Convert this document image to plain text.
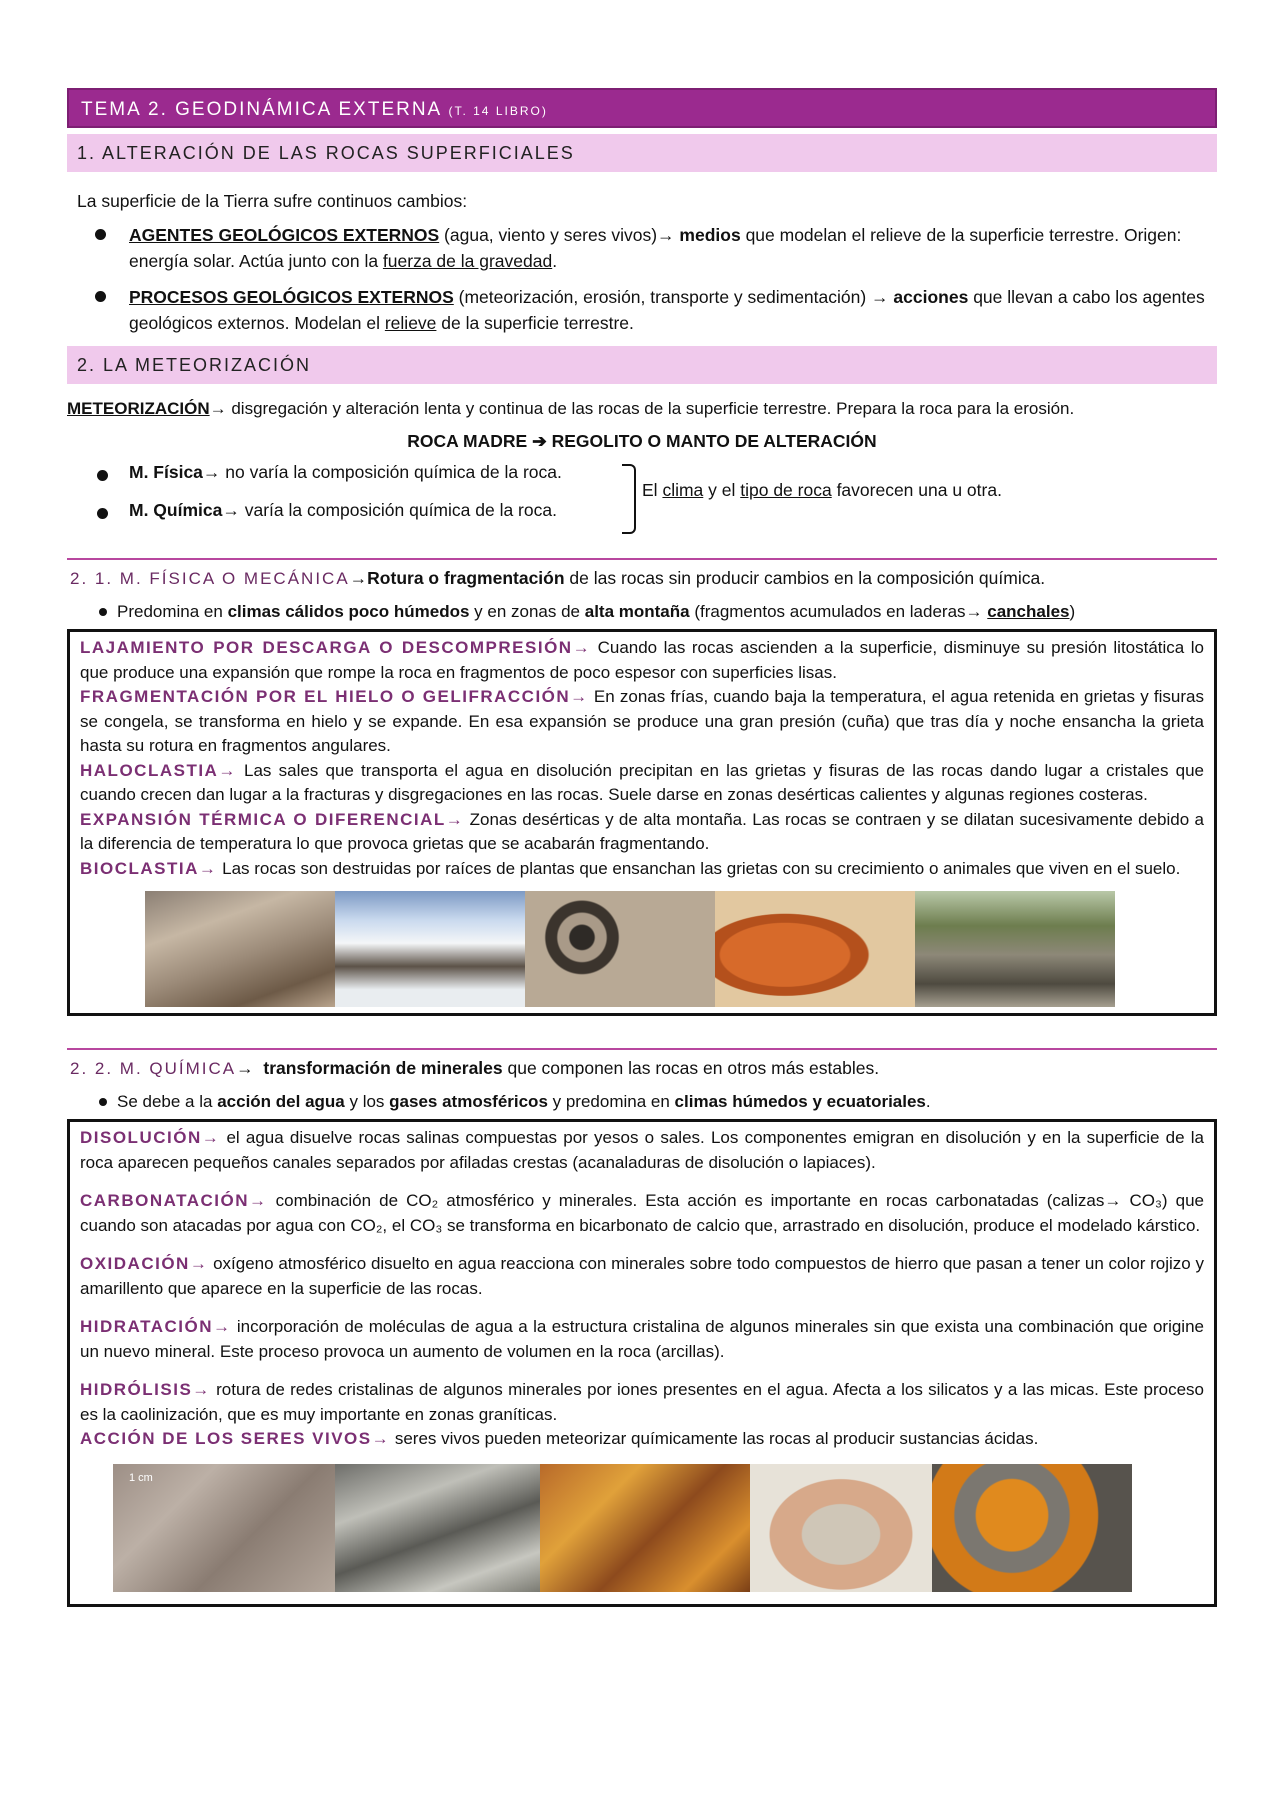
TEMA 2. GEODINÁMICA EXTERNA (T. 14 LIBRO)
1. ALTERACIÓN DE LAS ROCAS SUPERFICIALES

La superficie de la Tierra sufre continuos cambios:

AGENTES GEOLÓGICOS EXTERNOS (agua, viento y seres vivos)→ medios que modelan el relieve de la superficie terrestre. Origen: energía solar. Actúa junto con la fuerza de la gravedad.
PROCESOS GEOLÓGICOS EXTERNOS (meteorización, erosión, transporte y sedimentación) → acciones que llevan a cabo los agentes geológicos externos. Modelan el relieve de la superficie terrestre.
2. LA METEORIZACIÓN

METEORIZACIÓN→ disgregación y alteración lenta y continua de las rocas de la superficie terrestre. Prepara la roca para la erosión.

ROCA MADRE ➔ REGOLITO O MANTO DE ALTERACIÓN

M. Física→ no varía la composición química de la roca.
M. Química→ varía la composición química de la roca.
El clima y el tipo de roca favorecen una u otra.
2. 1. M. FÍSICA O MECÁNICA→Rotura o fragmentación de las rocas sin producir cambios en la composición química.

Predomina en climas cálidos poco húmedos y en zonas de alta montaña (fragmentos acumulados en laderas→ canchales)

LAJAMIENTO POR DESCARGA O DESCOMPRESIÓN→ Cuando las rocas ascienden a la superficie, disminuye su presión litostática lo que produce una expansión que rompe la roca en fragmentos de poco espesor con superficies lisas.

FRAGMENTACIÓN POR EL HIELO O GELIFRACCIÓN→ En zonas frías, cuando baja la temperatura, el agua retenida en grietas y fisuras se congela, se transforma en hielo y se expande. En esa expansión se produce una gran presión (cuña) que tras día y noche ensancha la grieta hasta su rotura en fragmentos angulares.

HALOCLASTIA→ Las sales que transporta el agua en disolución precipitan en las grietas y fisuras de las rocas dando lugar a cristales que cuando crecen dan lugar a la fracturas y disgregaciones en las rocas. Suele darse en zonas desérticas calientes y algunas regiones costeras.

EXPANSIÓN TÉRMICA O DIFERENCIAL→ Zonas desérticas y de alta montaña. Las rocas se contraen y se dilatan sucesivamente debido a la diferencia de temperatura lo que provoca grietas que se acabarán fragmentando.

BIOCLASTIA→ Las rocas son destruidas por raíces de plantas que ensanchan las grietas con su crecimiento o animales que viven en el suelo.

2. 2. M. QUÍMICA→ transformación de minerales que componen las rocas en otros más estables.

Se debe a la acción del agua y los gases atmosféricos y predomina en climas húmedos y ecuatoriales.

DISOLUCIÓN→ el agua disuelve rocas salinas compuestas por yesos o sales. Los componentes emigran en disolución y en la superficie de la roca aparecen pequeños canales separados por afiladas crestas (acanaladuras de disolución o lapiaces).

CARBONATACIÓN→ combinación de CO₂ atmosférico y minerales. Esta acción es importante en rocas carbonatadas (calizas→ CO₃) que cuando son atacadas por agua con CO₂, el CO₃ se transforma en bicarbonato de calcio que, arrastrado en disolución, produce el modelado kárstico.

OXIDACIÓN→ oxígeno atmosférico disuelto en agua reacciona con minerales sobre todo compuestos de hierro que pasan a tener un color rojizo y amarillento que aparece en la superficie de las rocas.

HIDRATACIÓN→ incorporación de moléculas de agua a la estructura cristalina de algunos minerales sin que exista una combinación que origine un nuevo mineral. Este proceso provoca un aumento de volumen en la roca (arcillas).

HIDRÓLISIS→ rotura de redes cristalinas de algunos minerales por iones presentes en el agua. Afecta a los silicatos y a las micas. Este proceso es la caolinización, que es muy importante en zonas graníticas.

ACCIÓN DE LOS SERES VIVOS→ seres vivos pueden meteorizar químicamente las rocas al producir sustancias ácidas.

1 cm
